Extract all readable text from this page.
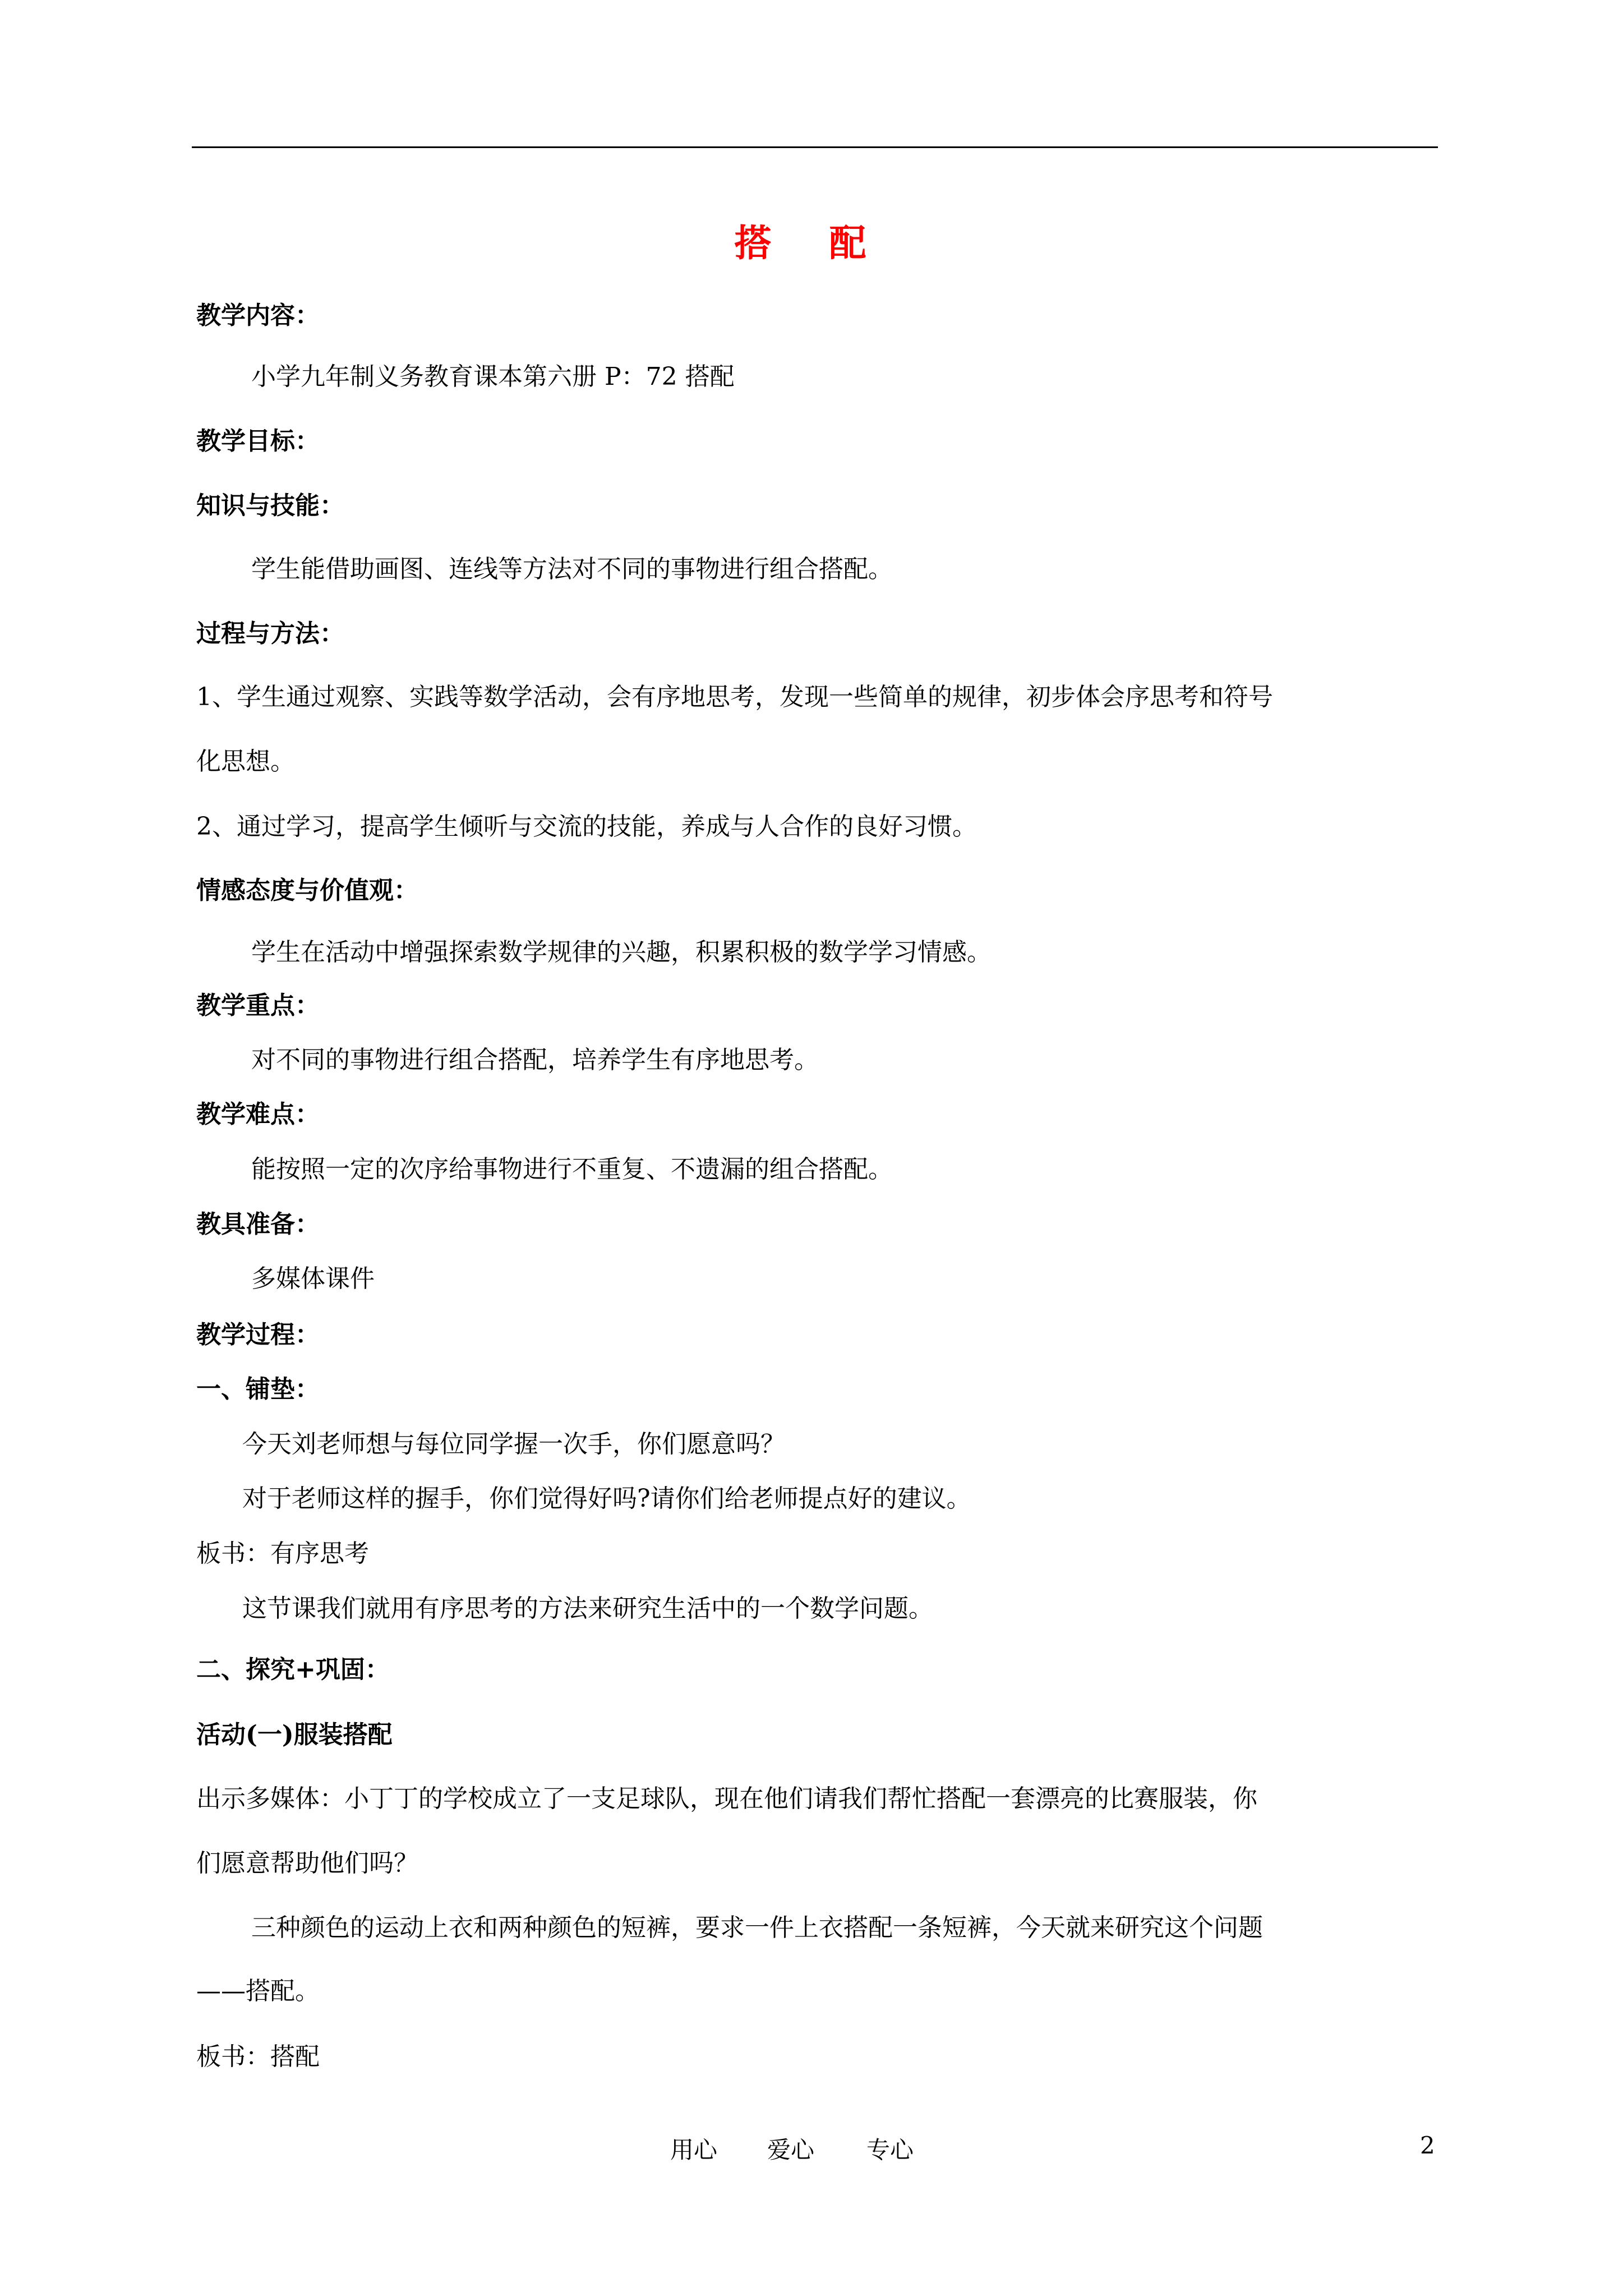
搭 配
教学内容：
小学九年制义务教育课本第六册 P：72 搭配
教学目标：
知识与技能：
学生能借助画图、连线等方法对不同的事物进行组合搭配。
过程与方法：
1、学生通过观察、实践等数学活动，会有序地思考，发现一些简单的规律，初步体会序思考和符号
化思想。
2、通过学习，提高学生倾听与交流的技能，养成与人合作的良好习惯。
情感态度与价值观：
学生在活动中增强探索数学规律的兴趣，积累积极的数学学习情感。
教学重点：
对不同的事物进行组合搭配，培养学生有序地思考。
教学难点：
能按照一定的次序给事物进行不重复、不遗漏的组合搭配。
教具准备：
多媒体课件
教学过程：
一、铺垫：
今天刘老师想与每位同学握一次手，你们愿意吗？
对于老师这样的握手，你们觉得好吗?请你们给老师提点好的建议。
板书：有序思考
这节课我们就用有序思考的方法来研究生活中的一个数学问题。
二、探究+巩固：
活动(一)服装搭配
出示多媒体：小丁丁的学校成立了一支足球队，现在他们请我们帮忙搭配一套漂亮的比赛服装，你
们愿意帮助他们吗？
三种颜色的运动上衣和两种颜色的短裤，要求一件上衣搭配一条短裤，今天就来研究这个问题
——搭配。
板书：搭配
用心 爱心 专心	2
